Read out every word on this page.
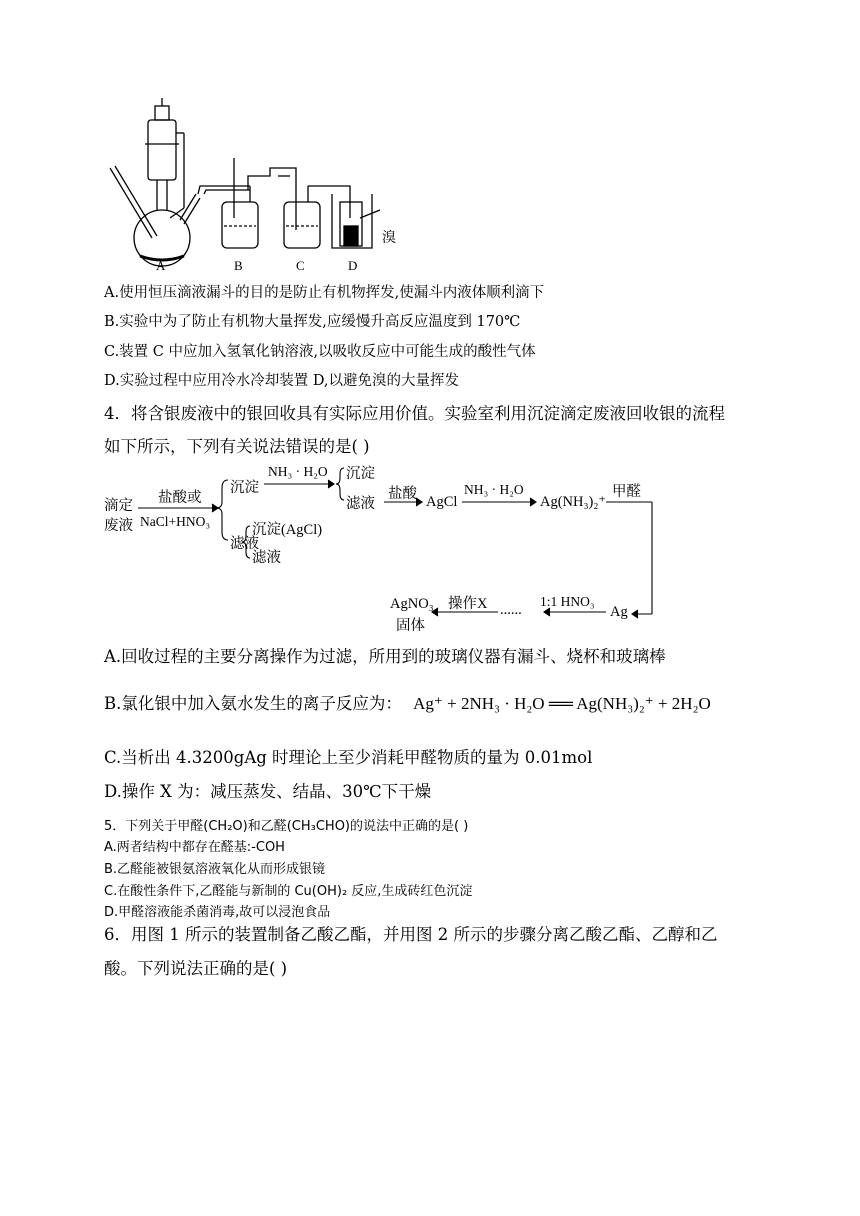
A	B	C	D
溴
A.使用恒压滴液漏斗的目的是防止有机物挥发,使漏斗内液体顺利滴下
B.实验中为了防止有机物大量挥发,应缓慢升高反应温度到 170℃
C.装置 C 中应加入氢氧化钠溶液,以吸收反应中可能生成的酸性气体
D.实验过程中应用冷水冷却装置 D,以避免溴的大量挥发
4．将含银废液中的银回收具有实际应用价值。实验室利用沉淀滴定废液回收银的流程
如下所示，下列有关说法错误的是( )
滴定
废液
盐酸或
NaCl+HNO₃
沉淀
NH₃ · H₂O 沉淀
滤液
盐酸 AgCl
NH₃ · H₂O
Ag(NH₃)₂⁺
甲醛
滤液
沉淀(AgCl)
滤液
Ag
1:1 HNO₃
......
操作X
AgNO₃
固体
A.回收过程的主要分离操作为过滤，所用到的玻璃仪器有漏斗、烧杯和玻璃棒
B.氯化银中加入氨水发生的离子反应为： Ag⁺ + 2NH₃ · H₂O ══ Ag(NH₃)₂⁺ + 2H₂O
C.当析出 4.3200gAg 时理论上至少消耗甲醛物质的量为 0.01mol
D.操作 X 为：减压蒸发、结晶、30℃下干燥
5．下列关于甲醛(CH₂O)和乙醛(CH₃CHO)的说法中正确的是( )
A.两者结构中都存在醛基:-COH
B.乙醛能被银氨溶液氧化从而形成银镜
C.在酸性条件下,乙醛能与新制的 Cu(OH)₂ 反应,生成砖红色沉淀
D.甲醛溶液能杀菌消毒,故可以浸泡食品
6．用图 1 所示的装置制备乙酸乙酯，并用图 2 所示的步骤分离乙酸乙酯、乙醇和乙
酸。下列说法正确的是( )
